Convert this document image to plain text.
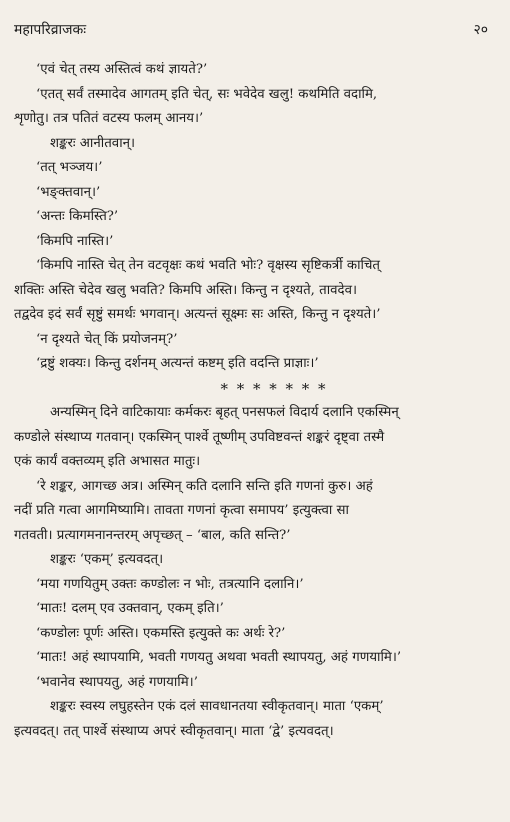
महापरिव्राजकः	२०
‘एवं चेत् तस्य अस्तित्वं कथं ज्ञायते?’
‘एतत् सर्वं तस्मादेव आगतम् इति चेत्, सः भवेदेव खलु! कथमिति वदामि,
शृणोतु। तत्र पतितं वटस्य फलम् आनय।’
शङ्करः आनीतवान्।
‘तत् भञ्जय।’
‘भङ्क्तवान्।’
‘अन्तः किमस्ति?’
‘किमपि नास्ति।’
‘किमपि नास्ति चेत् तेन वटवृक्षः कथं भवति भोः? वृक्षस्य सृष्टिकर्त्री काचित्
शक्तिः अस्ति चेदेव खलु भवति? किमपि अस्ति। किन्तु न दृश्यते, तावदेव।
तद्वदेव इदं सर्वं सृष्टुं समर्थः भगवान्। अत्यन्तं सूक्ष्मः सः अस्ति, किन्तु न दृश्यते।’
‘न दृश्यते चेत् किं प्रयोजनम्?’
‘द्रष्टुं शक्यः। किन्तु दर्शनम् अत्यन्तं कष्टम् इति वदन्ति प्राज्ञाः।’
* * * * * * *
अन्यस्मिन् दिने वाटिकायाः कर्मकरः बृहत् पनसफलं विदार्य दलानि एकस्मिन्
कण्डोले संस्थाप्य गतवान्। एकस्मिन् पार्श्वे तूष्णीम् उपविष्टवन्तं शङ्करं दृष्ट्वा तस्मै
एकं कार्यं वक्तव्यम् इति अभासत मातुः।
‘रे शङ्कर, आगच्छ अत्र। अस्मिन् कति दलानि सन्ति इति गणनां कुरु। अहं
नदीं प्रति गत्वा आगमिष्यामि। तावता गणनां कृत्वा समापय’ इत्युक्त्वा सा
गतवती। प्रत्यागमनानन्तरम् अपृच्छत् – ‘बाल, कति सन्ति?’
शङ्करः ‘एकम्’ इत्यवदत्।
‘मया गणयितुम् उक्तः कण्डोलः न भोः, तत्रत्यानि दलानि।’
‘मातः! दलम् एव उक्तवान्, एकम् इति।’
‘कण्डोलः पूर्णः अस्ति। एकमस्ति इत्युक्ते कः अर्थः रे?’
‘मातः! अहं स्थापयामि, भवती गणयतु अथवा भवती स्थापयतु, अहं गणयामि।’
‘भवानेव स्थापयतु, अहं गणयामि।’
शङ्करः स्वस्य लघुहस्तेन एकं दलं सावधानतया स्वीकृतवान्। माता ‘एकम्’
इत्यवदत्। तत् पार्श्वे संस्थाप्य अपरं स्वीकृतवान्। माता ‘द्वे’ इत्यवदत्।
